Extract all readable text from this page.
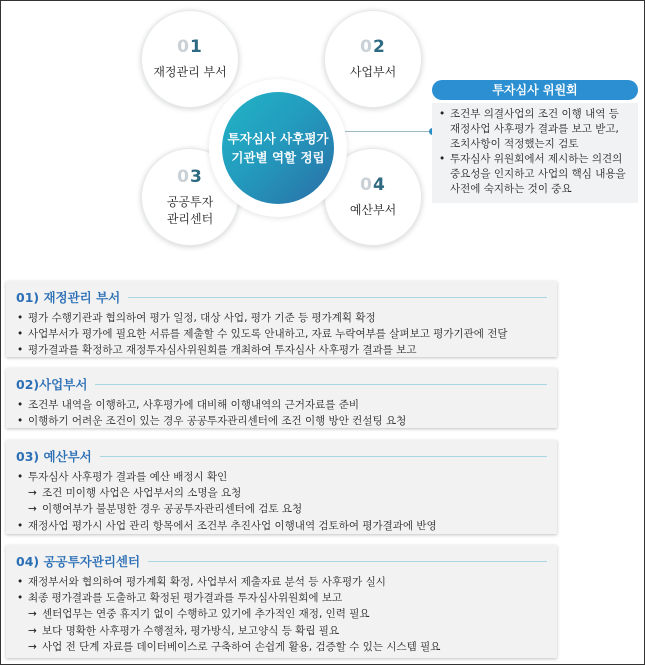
01
재정관리 부서
02
사업부서
03
공공투자
관리센터
04
예산부서
투자심사 사후평가
기관별 역할 정립
투자심사 위원회
• 조건부 의결사업의 조건 이행 내역 등 재정사업 사후평가 결과를 보고 받고, 조치사항이 적정했는지 검토
• 투자심사 위원회에서 제시하는 의견의 중요성을 인지하고 사업의 핵심 내용을 사전에 숙지하는 것이 중요
01) 재정관리 부서
• 평가 수행기관과 협의하여 평가 일정, 대상 사업, 평가 기준 등 평가계획 확정
• 사업부서가 평가에 필요한 서류를 제출할 수 있도록 안내하고, 자료 누락여부를 살펴보고 평가기관에 전달
• 평가결과를 확정하고 재정투자심사위원회를 개최하여 투자심사 사후평가 결과를 보고
02)사업부서
• 조건부 내역을 이행하고, 사후평가에 대비해 이행내역의 근거자료를 준비
• 이행하기 어려운 조건이 있는 경우 공공투자관리센터에 조건 이행 방안 컨설팅 요청
03) 예산부서
• 투자심사 사후평가 결과를 예산 배정시 확인
→ 조건 미이행 사업은 사업부서의 소명을 요청
→ 이행여부가 불분명한 경우 공공투자관리센터에 검토 요청
• 재정사업 평가시 사업 관리 항목에서 조건부 추진사업 이행내역 검토하여 평가결과에 반영
04) 공공투자관리센터
• 재정부서와 협의하여 평가계획 확정, 사업부서 제출자료 분석 등 사후평가 실시
• 최종 평가결과를 도출하고 확정된 평가결과를 투자심사위원회에 보고
→ 센터업무는 연중 휴지기 없이 수행하고 있기에 추가적인 재정, 인력 필요
→ 보다 명확한 사후평가 수행절차, 평가방식, 보고양식 등 확립 필요
→ 사업 전 단계 자료를 데이터베이스로 구축하여 손쉽게 활용, 검증할 수 있는 시스템 필요
